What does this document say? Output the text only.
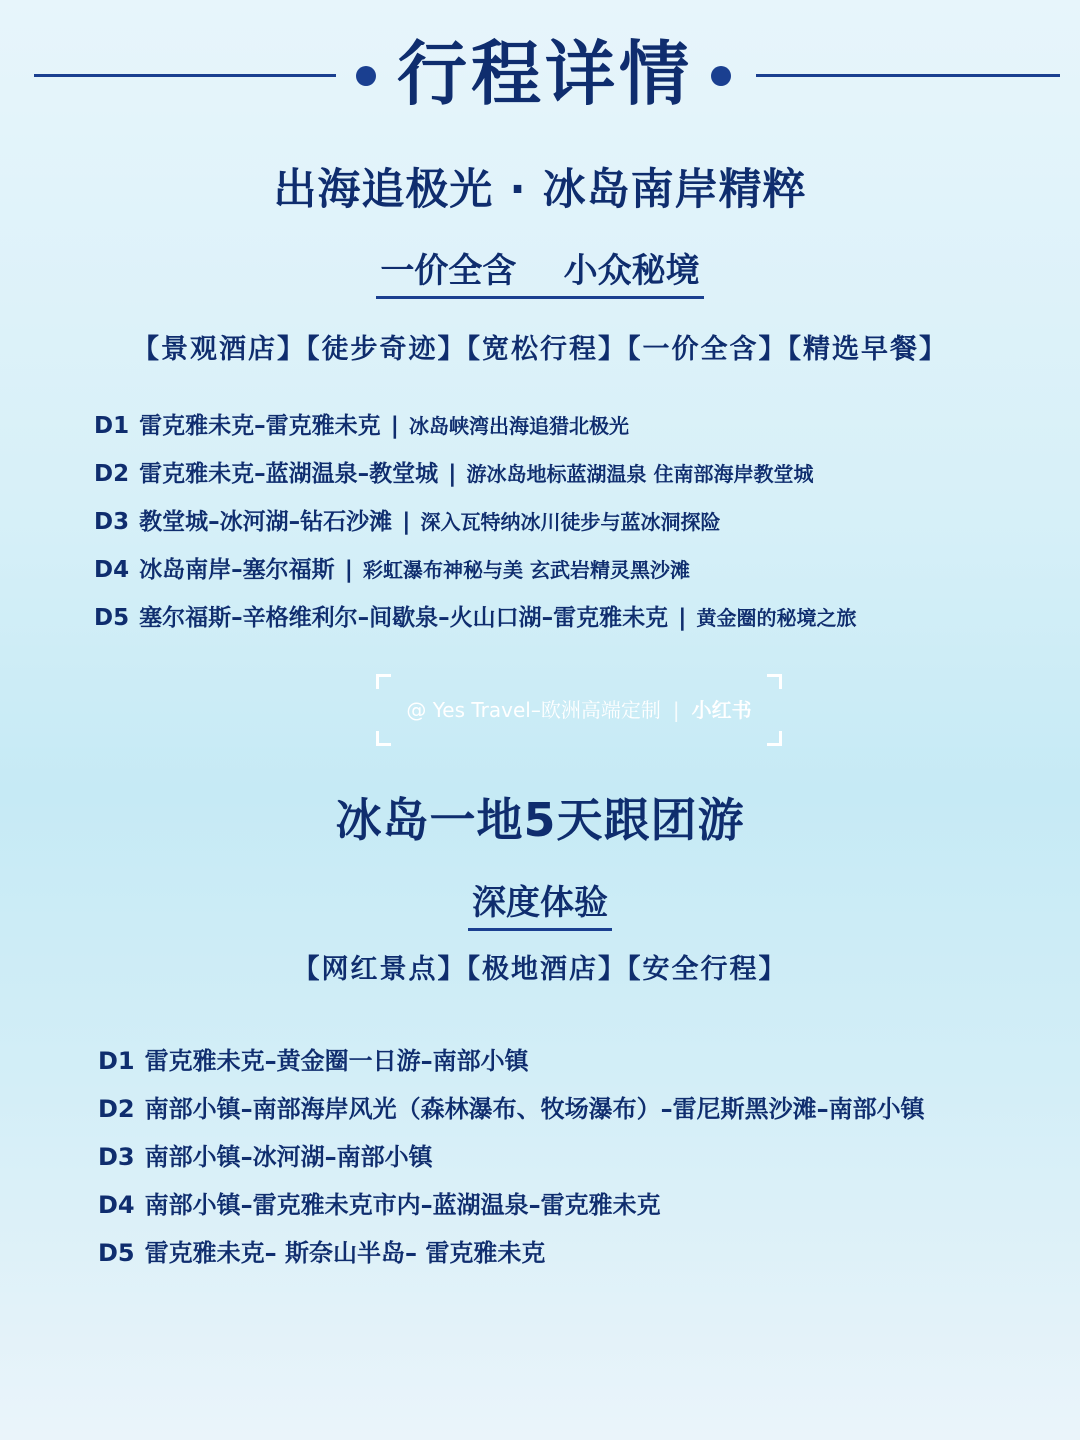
行程详情
出海追极光 · 冰岛南岸精粹
一价全含    小众秘境
【景观酒店】【徒步奇迹】【宽松行程】【一价全含】【精选早餐】
D1 雷克雅未克–雷克雅未克 | 冰岛峡湾出海追猎北极光
D2 雷克雅未克–蓝湖温泉–教堂城 | 游冰岛地标蓝湖温泉 住南部海岸教堂城
D3 教堂城–冰河湖–钻石沙滩 | 深入瓦特纳冰川徒步与蓝冰洞探险
D4 冰岛南岸–塞尔福斯 | 彩虹瀑布神秘与美 玄武岩精灵黑沙滩
D5 塞尔福斯–辛格维利尔–间歇泉–火山口湖–雷克雅未克 | 黄金圈的秘境之旅
@ Yes Travel–欧洲高端定制 | 小红书
冰岛一地5天跟团游
深度体验
【网红景点】【极地酒店】【安全行程】
D1 雷克雅未克–黄金圈一日游–南部小镇
D2 南部小镇–南部海岸风光（森林瀑布、牧场瀑布）–雷尼斯黑沙滩–南部小镇
D3 南部小镇–冰河湖–南部小镇
D4 南部小镇–雷克雅未克市内–蓝湖温泉–雷克雅未克
D5 雷克雅未克– 斯奈山半岛– 雷克雅未克
